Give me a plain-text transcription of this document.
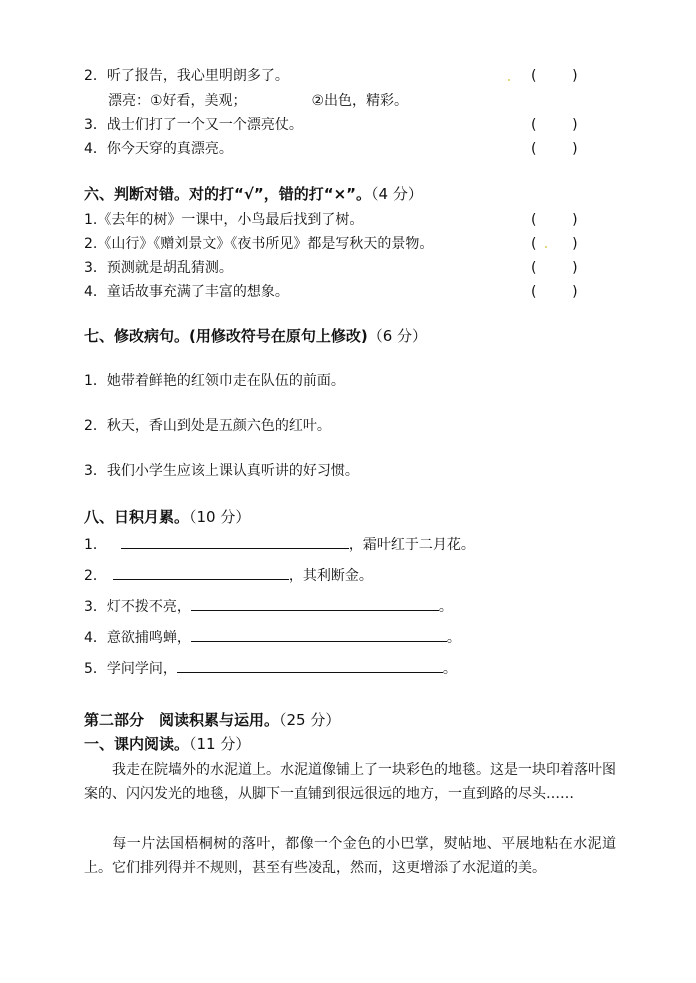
2．听了报告，我心里明朗多了。	(        )
漂亮：①好看，美观；	②出色，精彩。
3．战士们打了一个又一个漂亮仗。	(        )
4．你今天穿的真漂亮。	(        )
六、判断对错。对的打“√”，错的打“×”。（4 分）
1.《去年的树》一课中，小鸟最后找到了树。	(        )
2.《山行》《赠刘景文》《夜书所见》都是写秋天的景物。	(        )
3．预测就是胡乱猜测。	(        )
4．童话故事充满了丰富的想象。	(        )
七、修改病句。(用修改符号在原句上修改)（6 分）
1．她带着鲜艳的红领巾走在队伍的前面。
2．秋天，香山到处是五颜六色的红叶。
3．我们小学生应该上课认真听讲的好习惯。
八、日积月累。（10 分）
1．	，霜叶红于二月花。
2．	，其利断金。
3．灯不拨不亮，	。
4．意欲捕鸣蝉，	。
5．学问学问，	。
第二部分　阅读积累与运用。（25 分）
一、课内阅读。（11 分）
我走在院墙外的水泥道上。水泥道像铺上了一块彩色的地毯。这是一块印着落叶图案的、闪闪发光的地毯，从脚下一直铺到很远很远的地方，一直到路的尽头……
每一片法国梧桐树的落叶，都像一个金色的小巴掌，熨帖地、平展地粘在水泥道上。它们排列得并不规则，甚至有些凌乱，然而，这更增添了水泥道的美。
